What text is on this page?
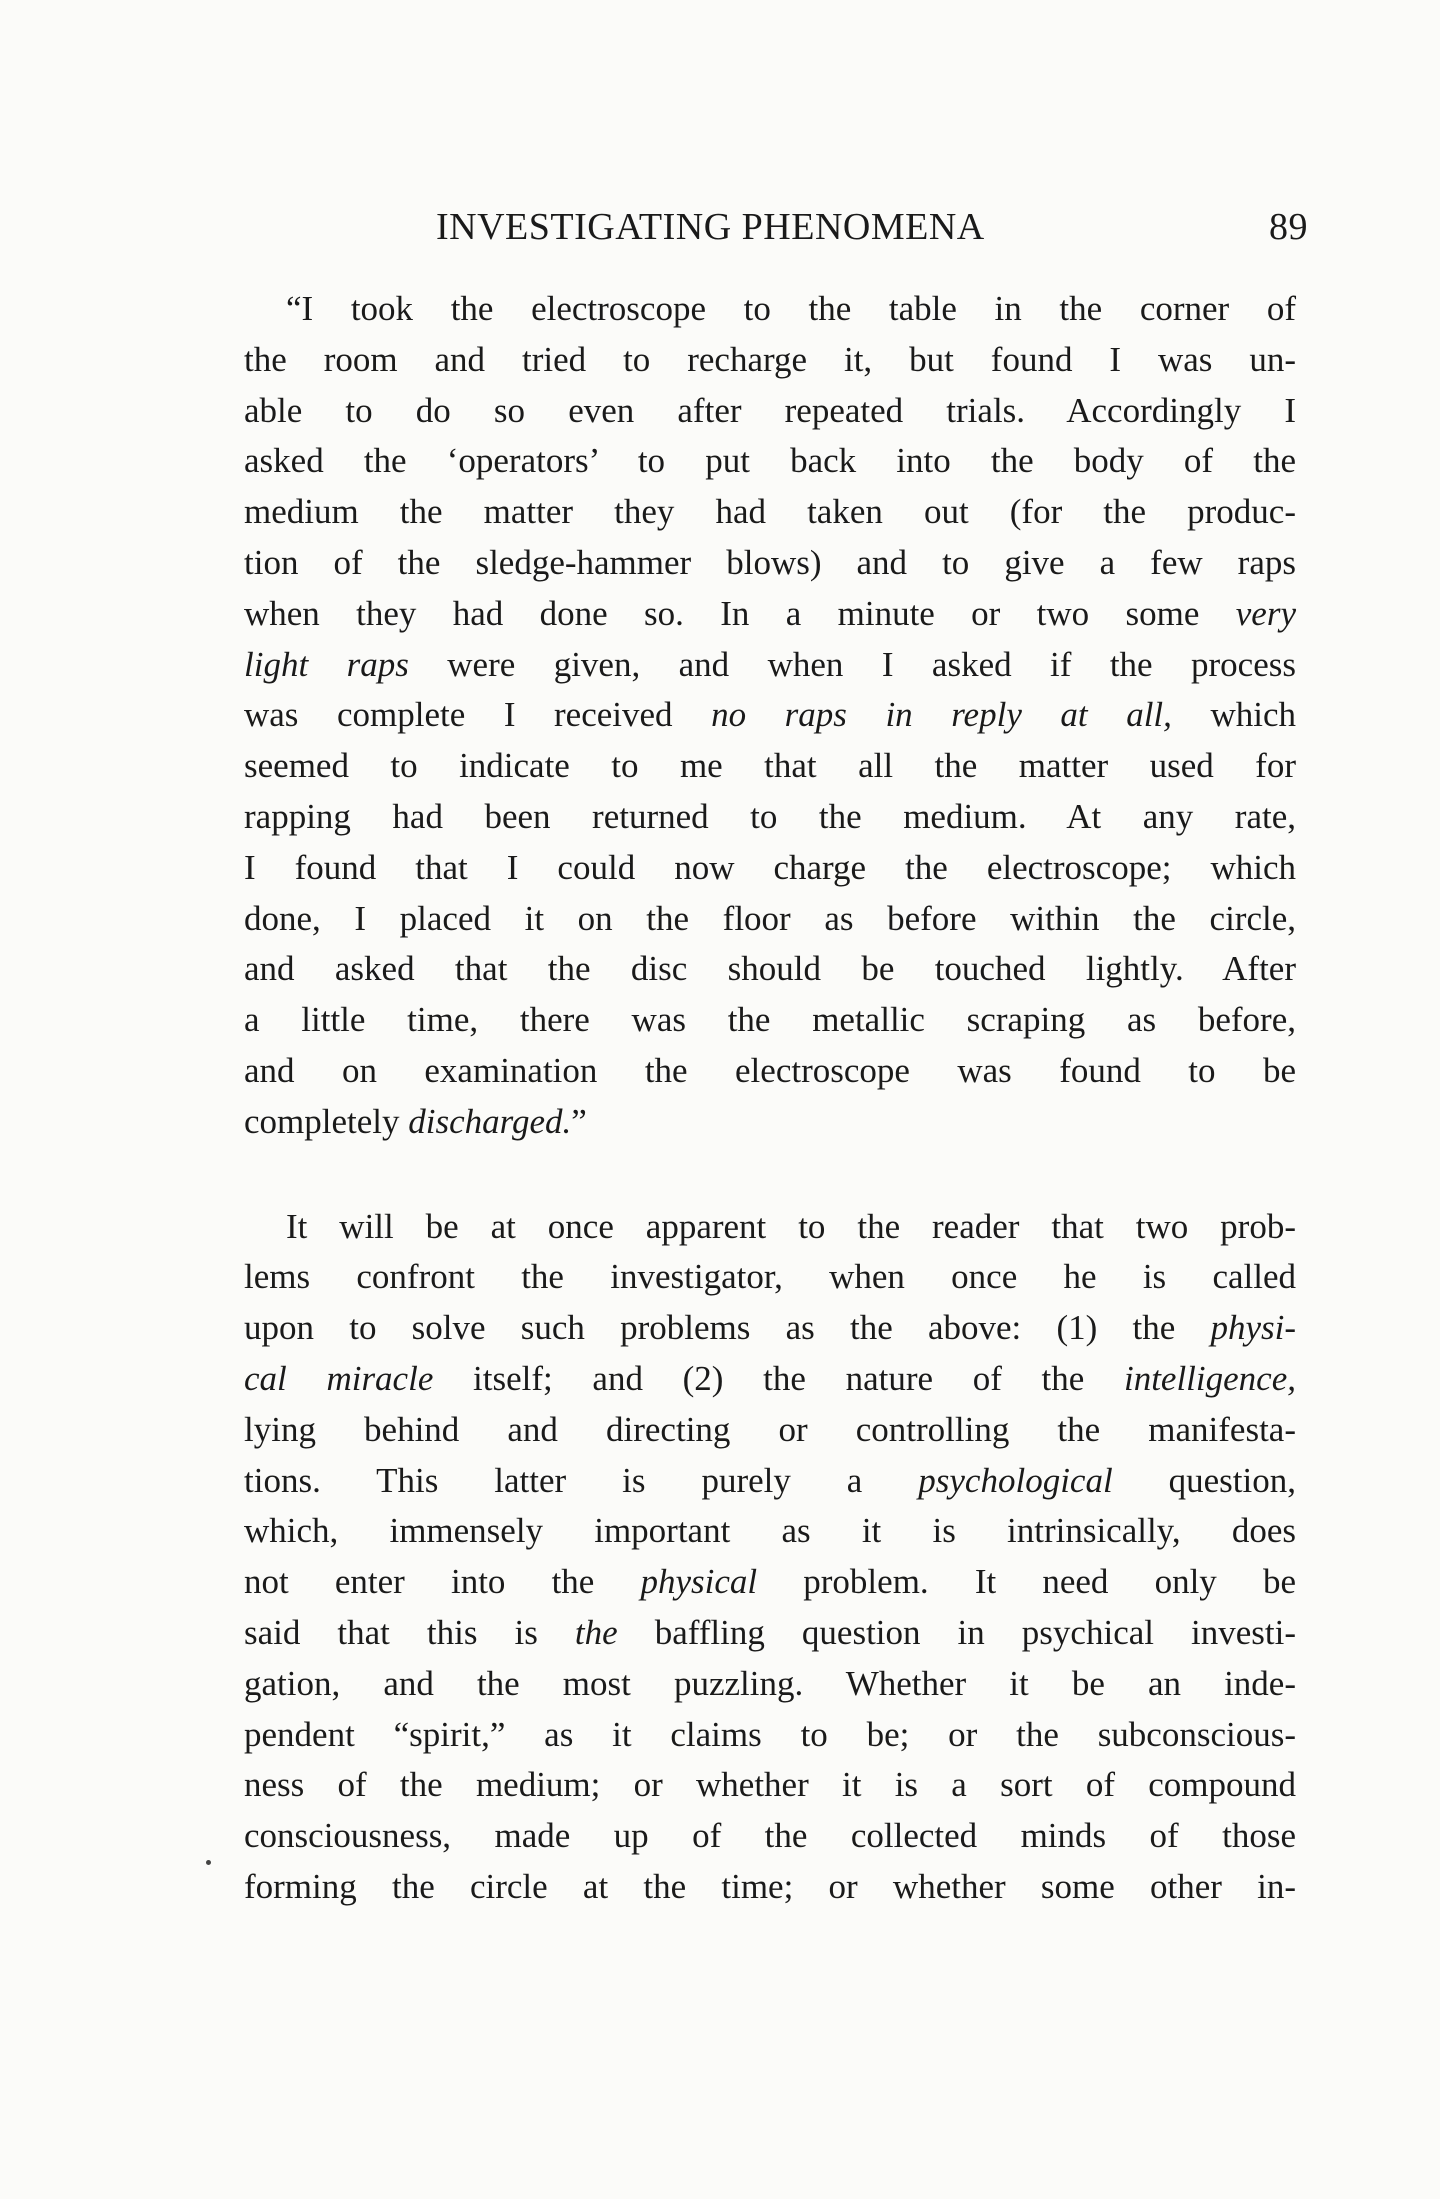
INVESTIGATING PHENOMENA	89

“I took the electroscope to the table in the corner of
the room and tried to recharge it, but found I was un-
able to do so even after repeated trials. Accordingly I
asked the ‘operators’ to put back into the body of the
medium the matter they had taken out (for the produc-
tion of the sledge-hammer blows) and to give a few raps
when they had done so. In a minute or two some very
light raps were given, and when I asked if the process
was complete I received no raps in reply at all, which
seemed to indicate to me that all the matter used for
rapping had been returned to the medium. At any rate,
I found that I could now charge the electroscope; which
done, I placed it on the floor as before within the circle,
and asked that the disc should be touched lightly. After
a little time, there was the metallic scraping as before,
and on examination the electroscope was found to be
completely discharged.”

It will be at once apparent to the reader that two prob-
lems confront the investigator, when once he is called
upon to solve such problems as the above: (1) the physi-
cal miracle itself; and (2) the nature of the intelligence,
lying behind and directing or controlling the manifesta-
tions. This latter is purely a psychological question,
which, immensely important as it is intrinsically, does
not enter into the physical problem. It need only be
said that this is the baffling question in psychical investi-
gation, and the most puzzling. Whether it be an inde-
pendent “spirit,” as it claims to be; or the subconscious-
ness of the medium; or whether it is a sort of compound
consciousness, made up of the collected minds of those
forming the circle at the time; or whether some other in-
